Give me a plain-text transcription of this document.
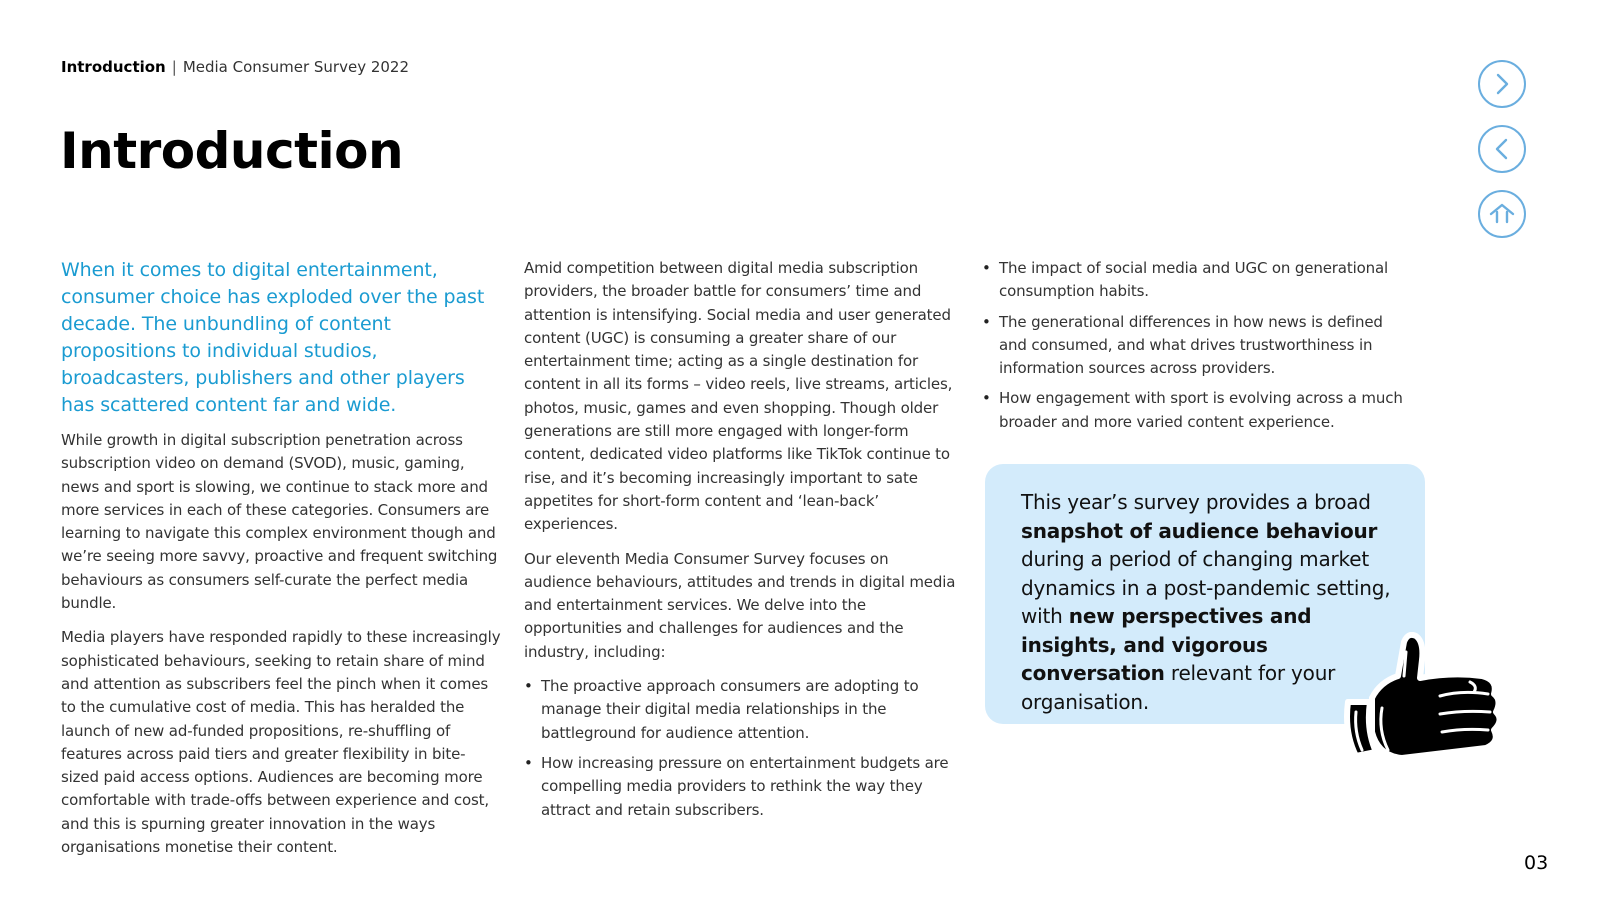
Introduction | Media Consumer Survey 2022
Introduction

When it comes to digital entertainment, consumer choice has exploded over the past decade. The unbundling of content propositions to individual studios, broadcasters, publishers and other players has scattered content far and wide.

While growth in digital subscription penetration across subscription video on demand (SVOD), music, gaming, news and sport is slowing, we continue to stack more and more services in each of these categories. Consumers are learning to navigate this complex environment though and we’re seeing more savvy, proactive and frequent switching behaviours as consumers self-curate the perfect media bundle.

Media players have responded rapidly to these increasingly sophisticated behaviours, seeking to retain share of mind and attention as subscribers feel the pinch when it comes to the cumulative cost of media. This has heralded the launch of new ad-funded propositions, re-shuffling of features across paid tiers and greater flexibility in bite-sized paid access options. Audiences are becoming more comfortable with trade-offs between experience and cost, and this is spurning greater innovation in the ways organisations monetise their content.

Amid competition between digital media subscription providers, the broader battle for consumers’ time and attention is intensifying. Social media and user generated content (UGC) is consuming a greater share of our entertainment time; acting as a single destination for content in all its forms – video reels, live streams, articles, photos, music, games and even shopping. Though older generations are still more engaged with longer-form content, dedicated video platforms like TikTok continue to rise, and it’s becoming increasingly important to sate appetites for short-form content and ‘lean-back’ experiences.

Our eleventh Media Consumer Survey focuses on audience behaviours, attitudes and trends in digital media and entertainment services. We delve into the opportunities and challenges for audiences and the industry, including:

• The proactive approach consumers are adopting to manage their digital media relationships in the battleground for audience attention.
• How increasing pressure on entertainment budgets are compelling media providers to rethink the way they attract and retain subscribers.
• The impact of social media and UGC on generational consumption habits.
• The generational differences in how news is defined and consumed, and what drives trustworthiness in information sources across providers.
• How engagement with sport is evolving across a much broader and more varied content experience.

This year’s survey provides a broad snapshot of audience behaviour during a period of changing market dynamics in a post-pandemic setting, with new perspectives and insights, and vigorous conversation relevant for your organisation.

03
